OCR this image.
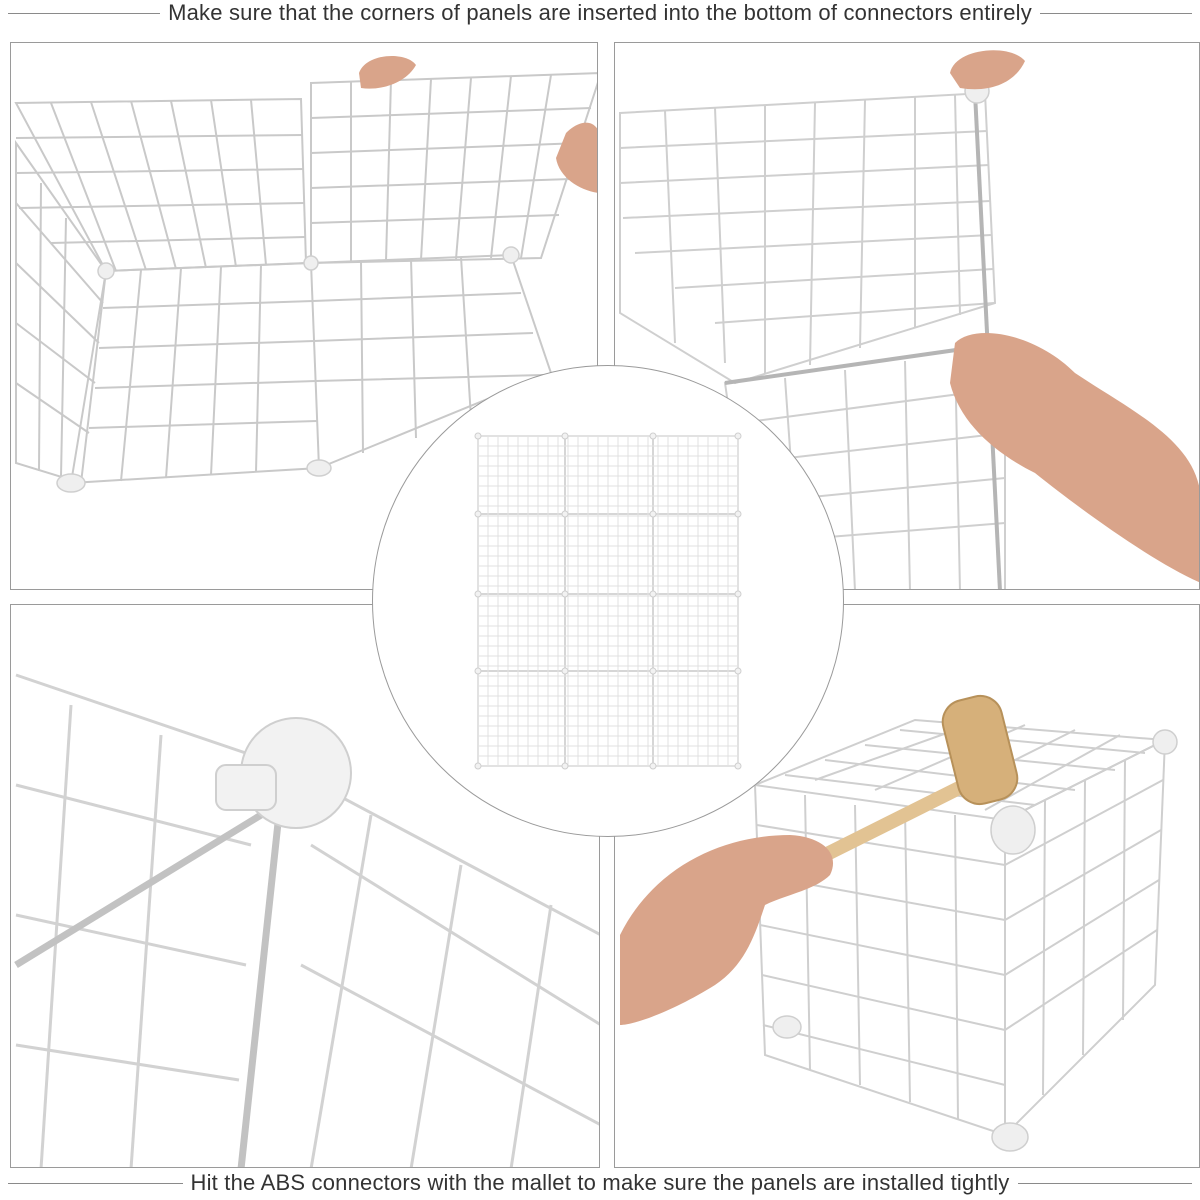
Make sure that the corners of panels are inserted into the bottom of connectors entirely
Hit the ABS connectors with the mallet to make sure the panels are installed tightly
